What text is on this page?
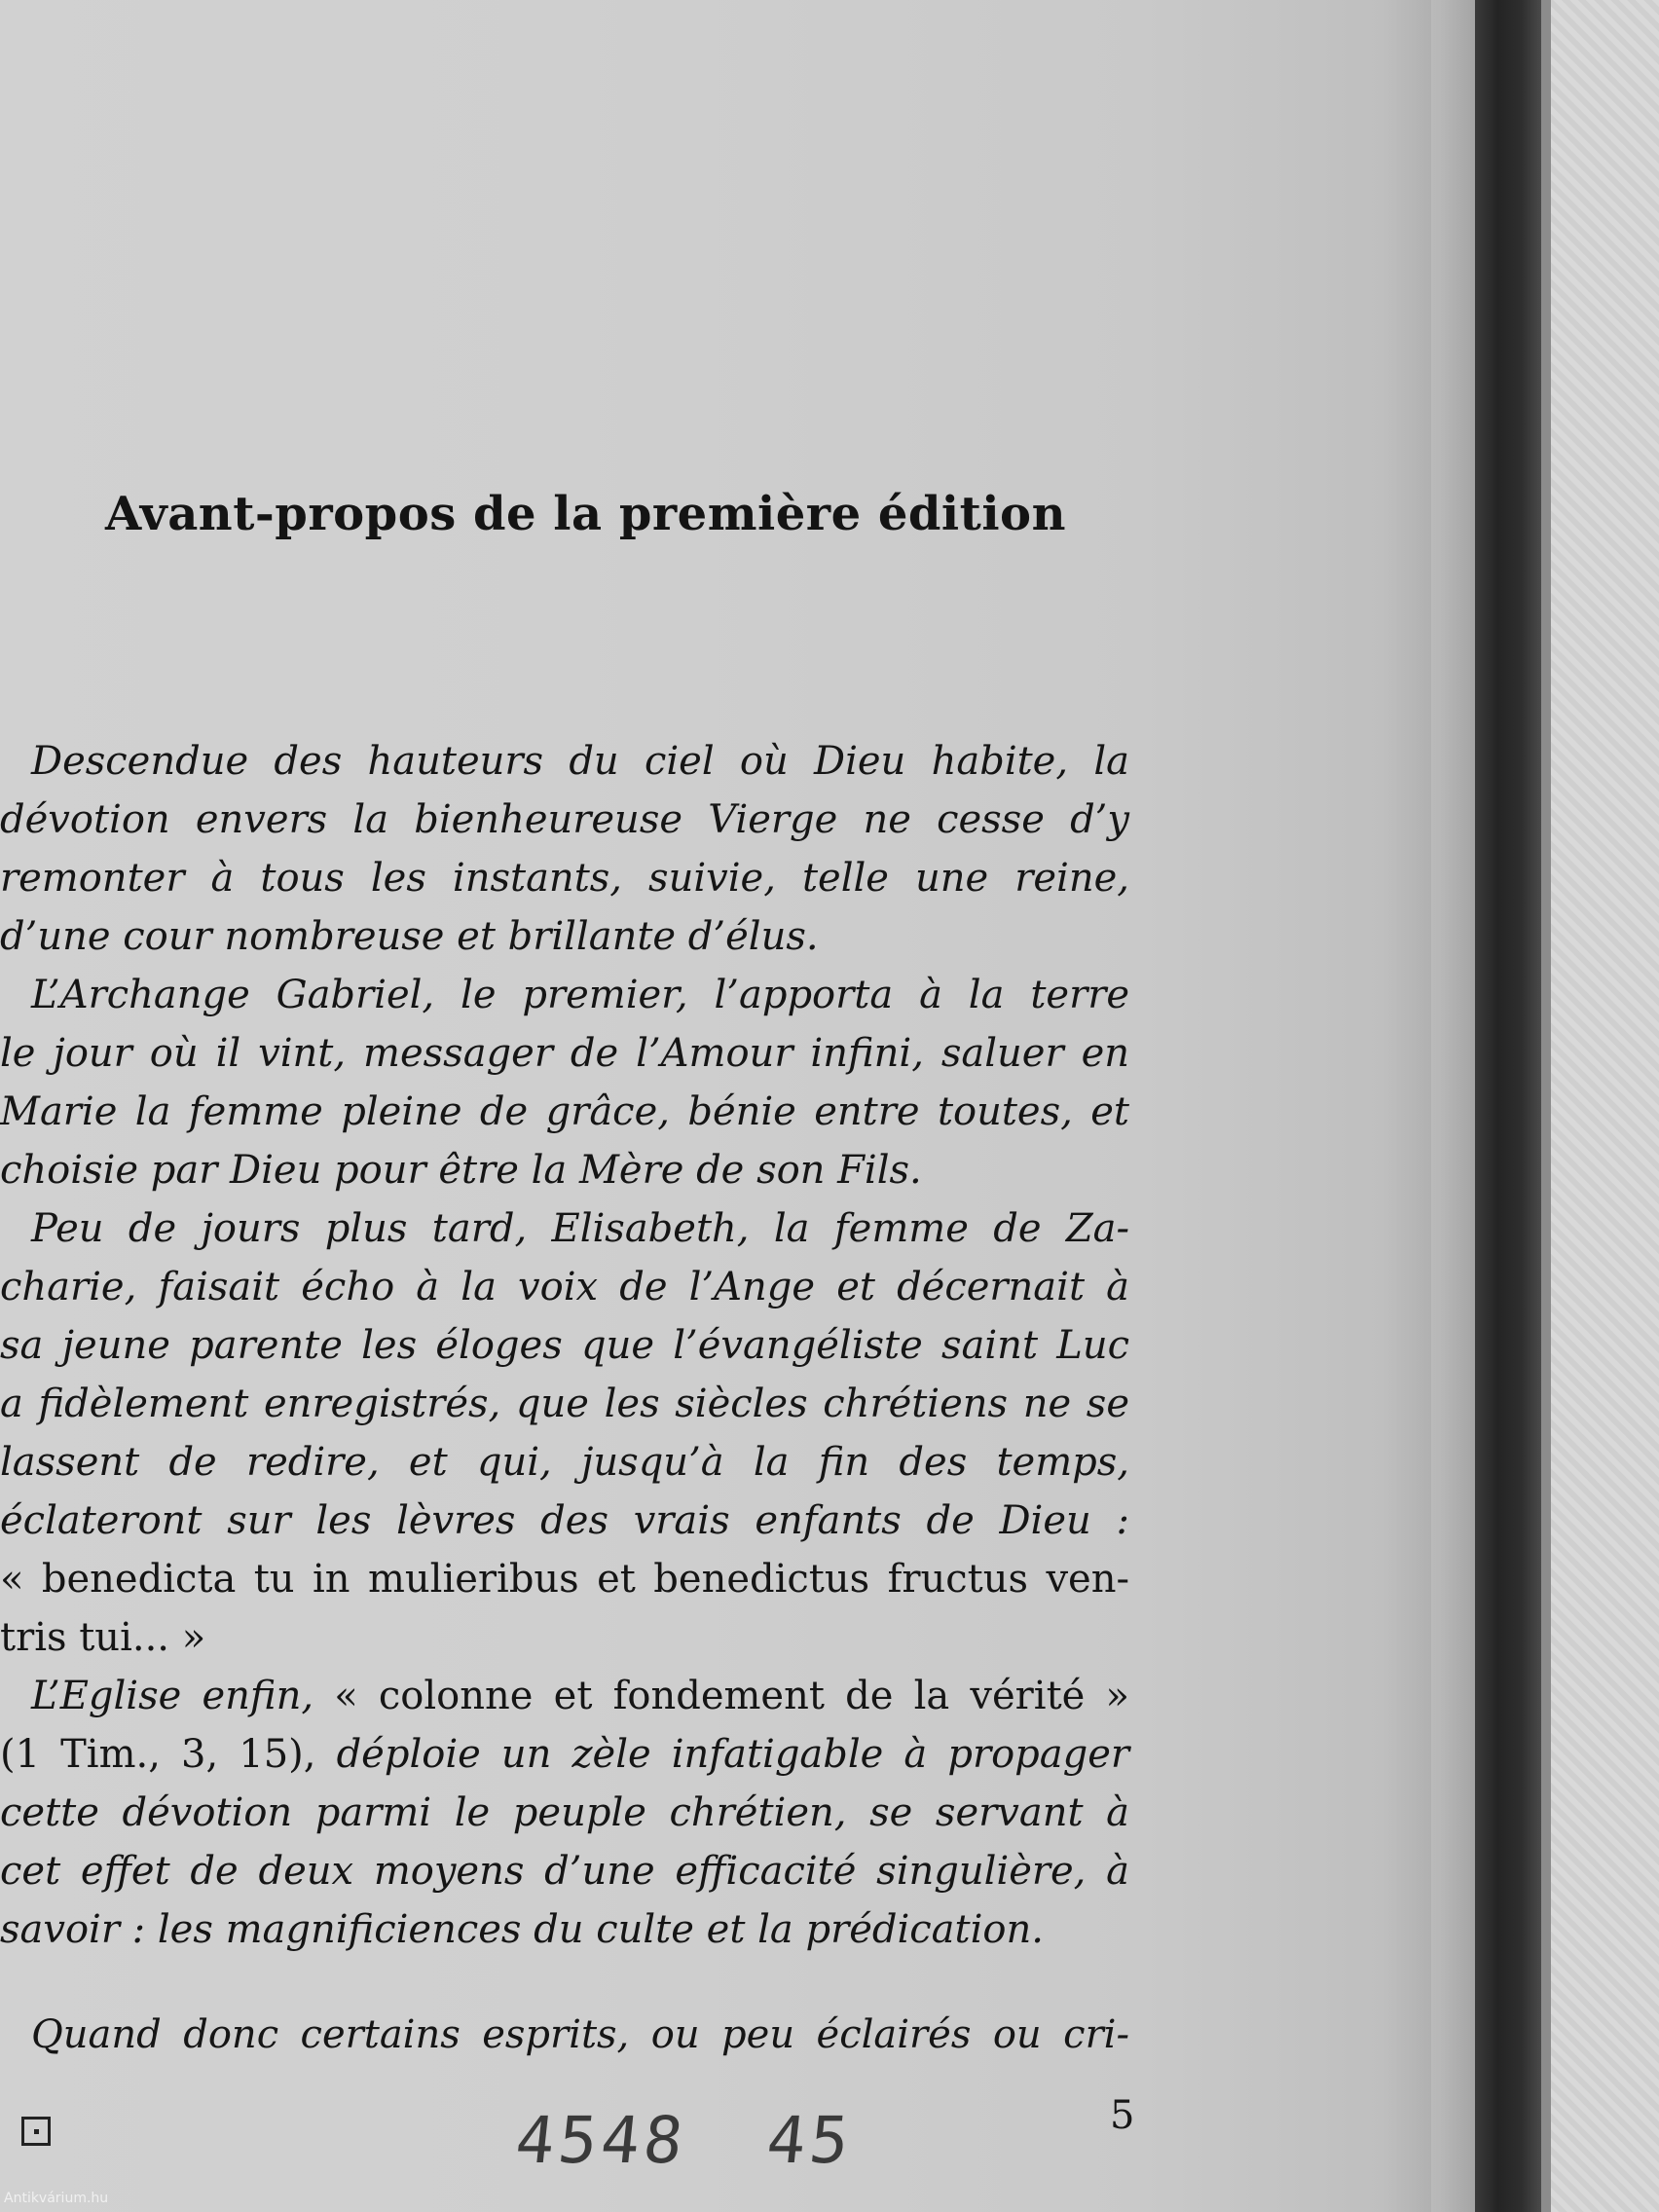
Avant-propos de la première édition
Descendue des hauteurs du ciel où Dieu habite, la
dévotion envers la bienheureuse Vierge ne cesse d’y
remonter à tous les instants, suivie, telle une reine,
d’une cour nombreuse et brillante d’élus.
L’Archange Gabriel, le premier, l’apporta à la terre
le jour où il vint, messager de l’Amour infini, saluer en
Marie la femme pleine de grâce, bénie entre toutes, et
choisie par Dieu pour être la Mère de son Fils.
Peu de jours plus tard, Elisabeth, la femme de Za-
charie, faisait écho à la voix de l’Ange et décernait à
sa jeune parente les éloges que l’évangéliste saint Luc
a fidèlement enregistrés, que les siècles chrétiens ne se
lassent de redire, et qui, jusqu’à la fin des temps,
éclateront sur les lèvres des vrais enfants de Dieu :
« benedicta tu in mulieribus et benedictus fructus ven-
tris tui... »
L’Eglise enfin, « colonne et fondement de la vérité »
(1 Tim., 3, 15), déploie un zèle infatigable à propager
cette dévotion parmi le peuple chrétien, se servant à
cet effet de deux moyens d’une efficacité singulière, à
savoir : les magnificiences du culte et la prédication.
Quand donc certains esprits, ou peu éclairés ou cri-
4548 45	5
Antikvárium.hu
